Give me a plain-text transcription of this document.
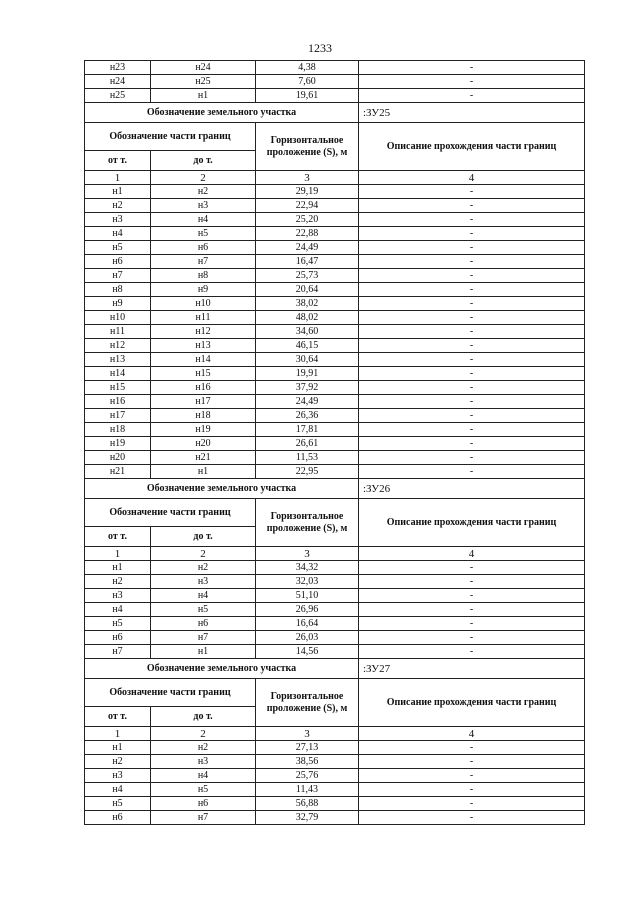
1233
н23	н24	4,38	-
н24	н25	7,60	-
н25	н1	19,61	-
Обозначение земельного участка			:ЗУ25
Обозначение части границ		Горизонтальное проложение (S), м	Описание прохождения части границ
от т.	до т.		
1	2	3	4
н1	н2	29,19	-
н2	н3	22,94	-
н3	н4	25,20	-
н4	н5	22,88	-
н5	н6	24,49	-
н6	н7	16,47	-
н7	н8	25,73	-
н8	н9	20,64	-
н9	н10	38,02	-
н10	н11	48,02	-
н11	н12	34,60	-
н12	н13	46,15	-
н13	н14	30,64	-
н14	н15	19,91	-
н15	н16	37,92	-
н16	н17	24,49	-
н17	н18	26,36	-
н18	н19	17,81	-
н19	н20	26,61	-
н20	н21	11,53	-
н21	н1	22,95	-
Обозначение земельного участка			:ЗУ26
Обозначение части границ		Горизонтальное проложение (S), м	Описание прохождения части границ
от т.	до т.		
1	2	3	4
н1	н2	34,32	-
н2	н3	32,03	-
н3	н4	51,10	-
н4	н5	26,96	-
н5	н6	16,64	-
н6	н7	26,03	-
н7	н1	14,56	-
Обозначение земельного участка			:ЗУ27
Обозначение части границ		Горизонтальное проложение (S), м	Описание прохождения части границ
от т.	до т.		
1	2	3	4
н1	н2	27,13	-
н2	н3	38,56	-
н3	н4	25,76	-
н4	н5	11,43	-
н5	н6	56,88	-
н6	н7	32,79	-
